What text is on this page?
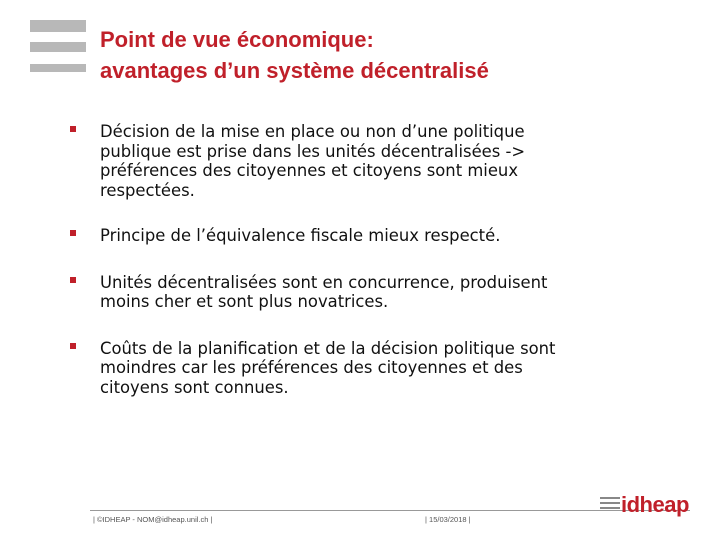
Point de vue économique:
avantages d’un système décentralisé
Décision de la mise en place ou non d’une politique
publique est prise dans les unités décentralisées ->
préférences des citoyennes et citoyens sont mieux
respectées.
Principe de l’équivalence fiscale mieux respecté.
Unités décentralisées sont en concurrence, produisent
moins cher et sont plus novatrices.
Coûts de la planification et de la décision politique sont
moindres car les préférences des citoyennes et des
citoyens sont connues.
| ©IDHEAP - NOM@idheap.unil.ch |	| 15/03/2018 |
idheap
